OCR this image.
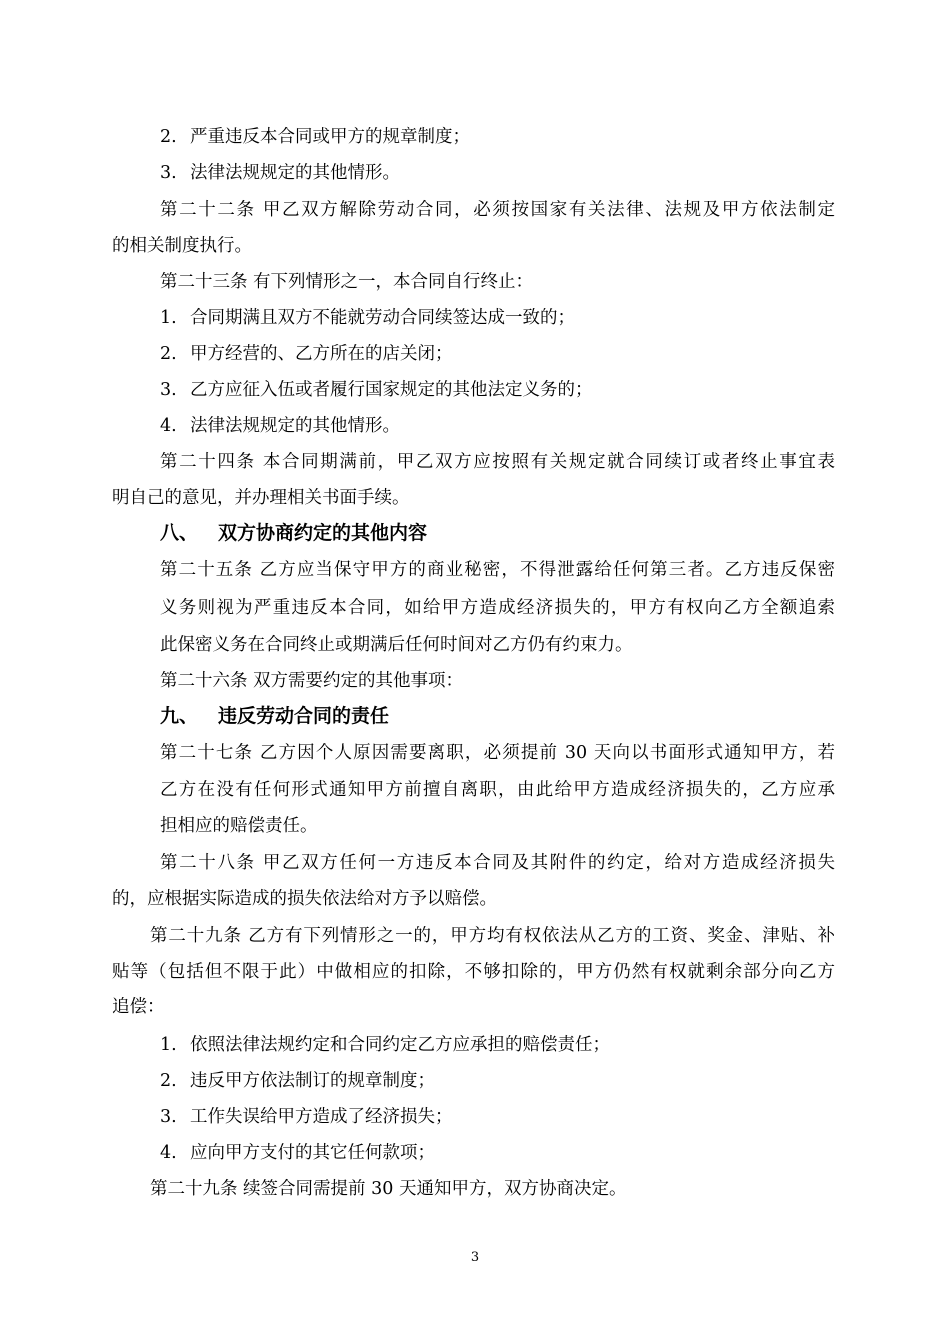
2. 严重违反本合同或甲方的规章制度；
3. 法律法规规定的其他情形。
第二十二条 甲乙双方解除劳动合同，必须按国家有关法律、法规及甲方依法制定
的相关制度执行。
第二十三条 有下列情形之一，本合同自行终止：
1. 合同期满且双方不能就劳动合同续签达成一致的；
2. 甲方经营的、乙方所在的店关闭；
3. 乙方应征入伍或者履行国家规定的其他法定义务的；
4. 法律法规规定的其他情形。
第二十四条 本合同期满前，甲乙双方应按照有关规定就合同续订或者终止事宜表
明自己的意见，并办理相关书面手续。
八、 双方协商约定的其他内容
第二十五条 乙方应当保守甲方的商业秘密，不得泄露给任何第三者。乙方违反保密
义务则视为严重违反本合同，如给甲方造成经济损失的，甲方有权向乙方全额追索
此保密义务在合同终止或期满后任何时间对乙方仍有约束力。
第二十六条 双方需要约定的其他事项：
九、 违反劳动合同的责任
第二十七条 乙方因个人原因需要离职，必须提前 30 天向以书面形式通知甲方，若
乙方在没有任何形式通知甲方前擅自离职，由此给甲方造成经济损失的，乙方应承
担相应的赔偿责任。
第二十八条 甲乙双方任何一方违反本合同及其附件的约定，给对方造成经济损失
的，应根据实际造成的损失依法给对方予以赔偿。
第二十九条 乙方有下列情形之一的，甲方均有权依法从乙方的工资、奖金、津贴、补
贴等（包括但不限于此）中做相应的扣除，不够扣除的，甲方仍然有权就剩余部分向乙方
追偿：
1. 依照法律法规约定和合同约定乙方应承担的赔偿责任；
2. 违反甲方依法制订的规章制度；
3. 工作失误给甲方造成了经济损失；
4. 应向甲方支付的其它任何款项；
第二十九条 续签合同需提前 30 天通知甲方，双方协商决定。
3
